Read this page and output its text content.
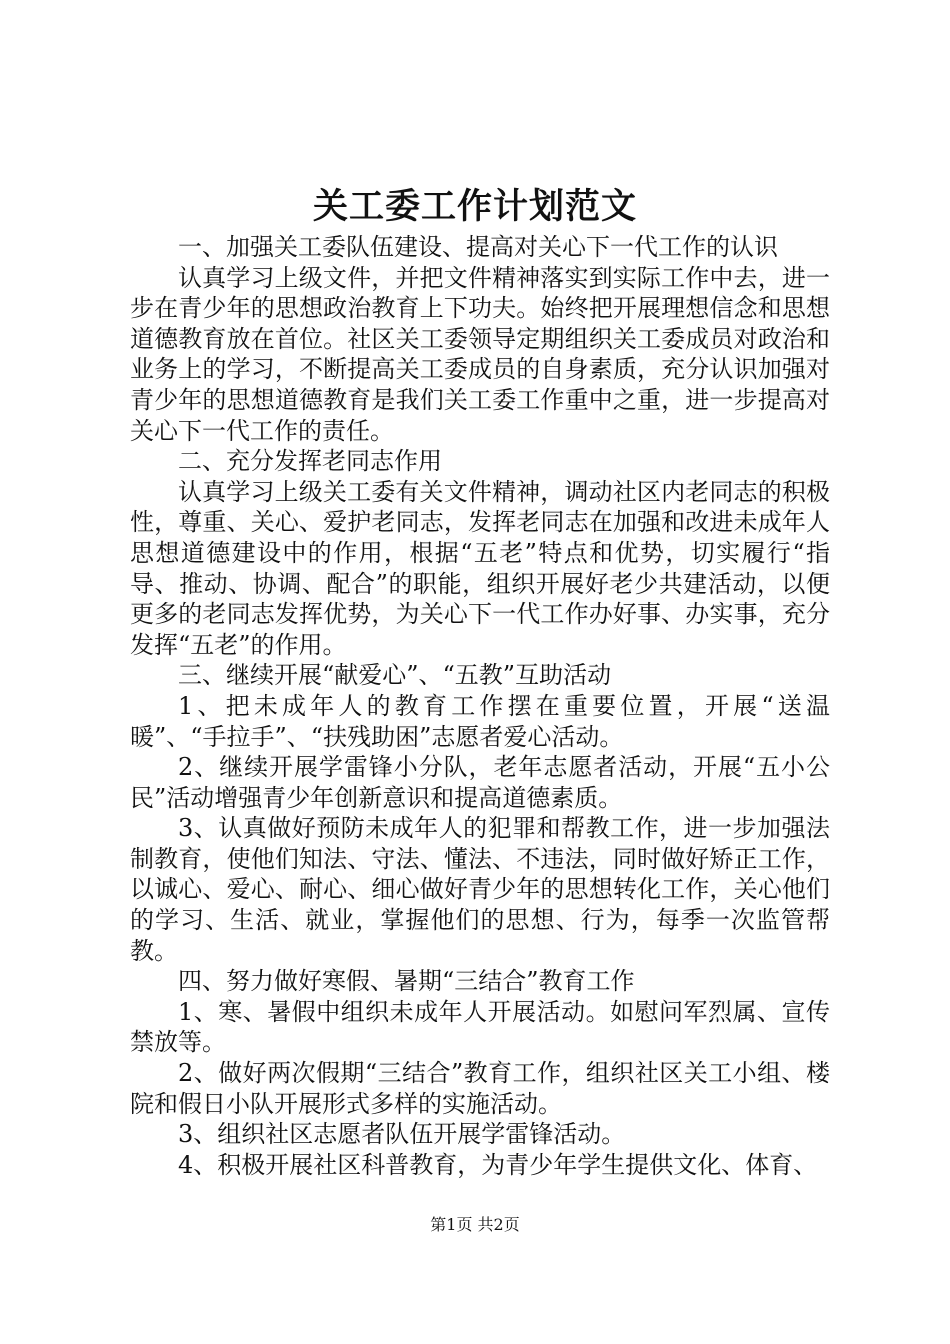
关工委工作计划范文

一、加强关工委队伍建设、提高对关心下一代工作的认识

认真学习上级文件，并把文件精神落实到实际工作中去，进一步在青少年的思想政治教育上下功夫。始终把开展理想信念和思想道德教育放在首位。社区关工委领导定期组织关工委成员对政治和业务上的学习，不断提高关工委成员的自身素质，充分认识加强对青少年的思想道德教育是我们关工委工作重中之重，进一步提高对关心下一代工作的责任。

二、充分发挥老同志作用

认真学习上级关工委有关文件精神，调动社区内老同志的积极性，尊重、关心、爱护老同志，发挥老同志在加强和改进未成年人思想道德建设中的作用，根据“五老”特点和优势，切实履行“指导、推动、协调、配合”的职能，组织开展好老少共建活动，以便更多的老同志发挥优势，为关心下一代工作办好事、办实事，充分发挥“五老”的作用。

三、继续开展“献爱心”、“五教”互助活动

1、把未成年人的教育工作摆在重要位置，开展“送温暖”、“手拉手”、“扶残助困”志愿者爱心活动。

2、继续开展学雷锋小分队，老年志愿者活动，开展“五小公民”活动增强青少年创新意识和提高道德素质。

3、认真做好预防未成年人的犯罪和帮教工作，进一步加强法制教育，使他们知法、守法、懂法、不违法，同时做好矫正工作，以诚心、爱心、耐心、细心做好青少年的思想转化工作，关心他们的学习、生活、就业，掌握他们的思想、行为，每季一次监管帮教。

四、努力做好寒假、暑期“三结合”教育工作

1、寒、暑假中组织未成年人开展活动。如慰问军烈属、宣传禁放等。

2、做好两次假期“三结合”教育工作，组织社区关工小组、楼院和假日小队开展形式多样的实施活动。

3、组织社区志愿者队伍开展学雷锋活动。

4、积极开展社区科普教育，为青少年学生提供文化、体育、

第1页 共2页
